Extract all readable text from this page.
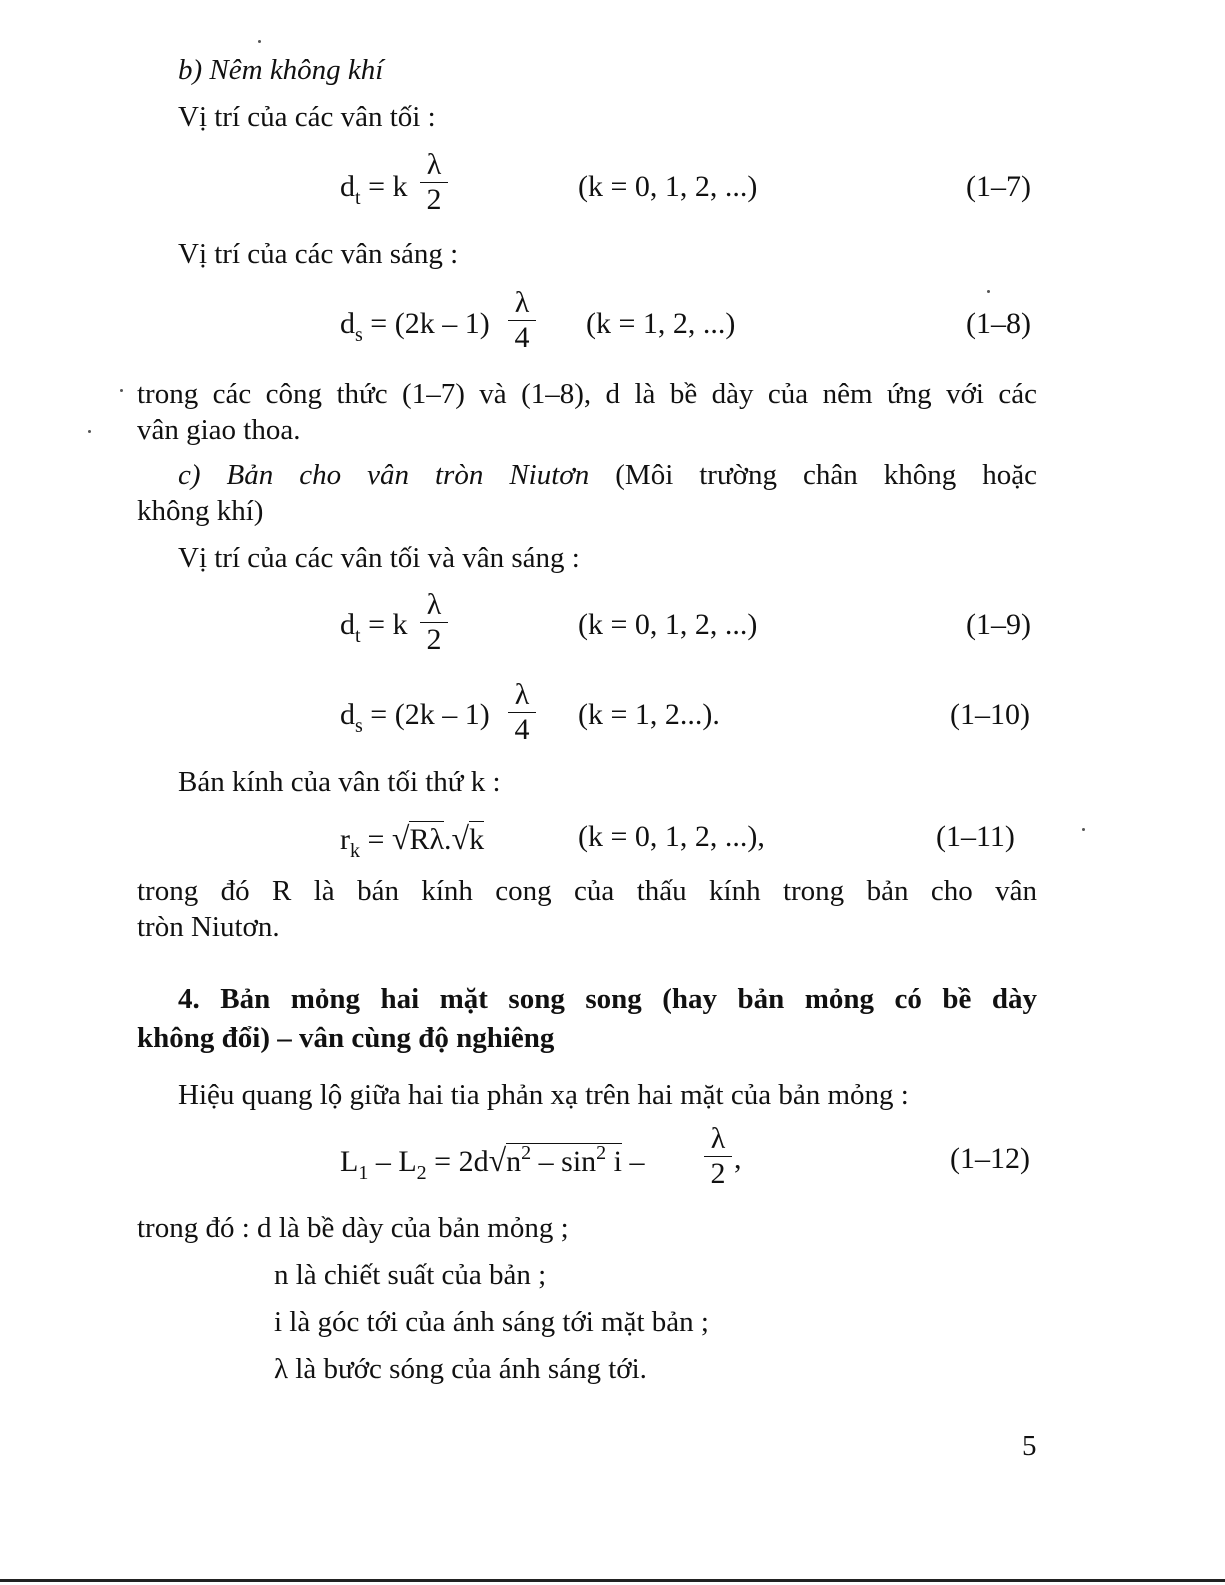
b) Nêm không khí
Vị trí của các vân tối :
$d_t = k$
λ
2	(k = 0, 1, 2, ...)	(1–7)
Vị trí của các vân sáng :
$d_s = (2k - 1)$
λ
4 (k = 1, 2, ...)	(1–8)
trong các công thức (1–7) và (1–8), d là bề dày của nêm ứng với các
vân giao thoa.
c) Bản cho vân tròn Niutơn (Môi trường chân không hoặc
không khí)
Vị trí của các vân tối và vân sáng :
$d_t = k$
λ
2	(k = 0, 1, 2, ...)	(1–9)
$d_s = (2k - 1)$
λ
4 (k = 1, 2...).	(1–10)
Bán kính của vân tối thứ k :
$r_k = √R\lambda.√k$	(k = 0, 1, 2, ...),	(1–11)
trong đó R là bán kính cong của thấu kính trong bản cho vân
tròn Niutơn.
4. Bản mỏng hai mặt song song (hay bản mỏng có bề dày
không đổi) – vân cùng độ nghiêng
Hiệu quang lộ giữa hai tia phản xạ trên hai mặt của bản mỏng :
$L_1 - L_2 = 2d√n^2 - \sin^2 i$ –
λ
2 ,	(1–12)
trong đó : d là bề dày của bản mỏng ;
n là chiết suất của bản ;
i là góc tới của ánh sáng tới mặt bản ;
λ là bước sóng của ánh sáng tới.
5
